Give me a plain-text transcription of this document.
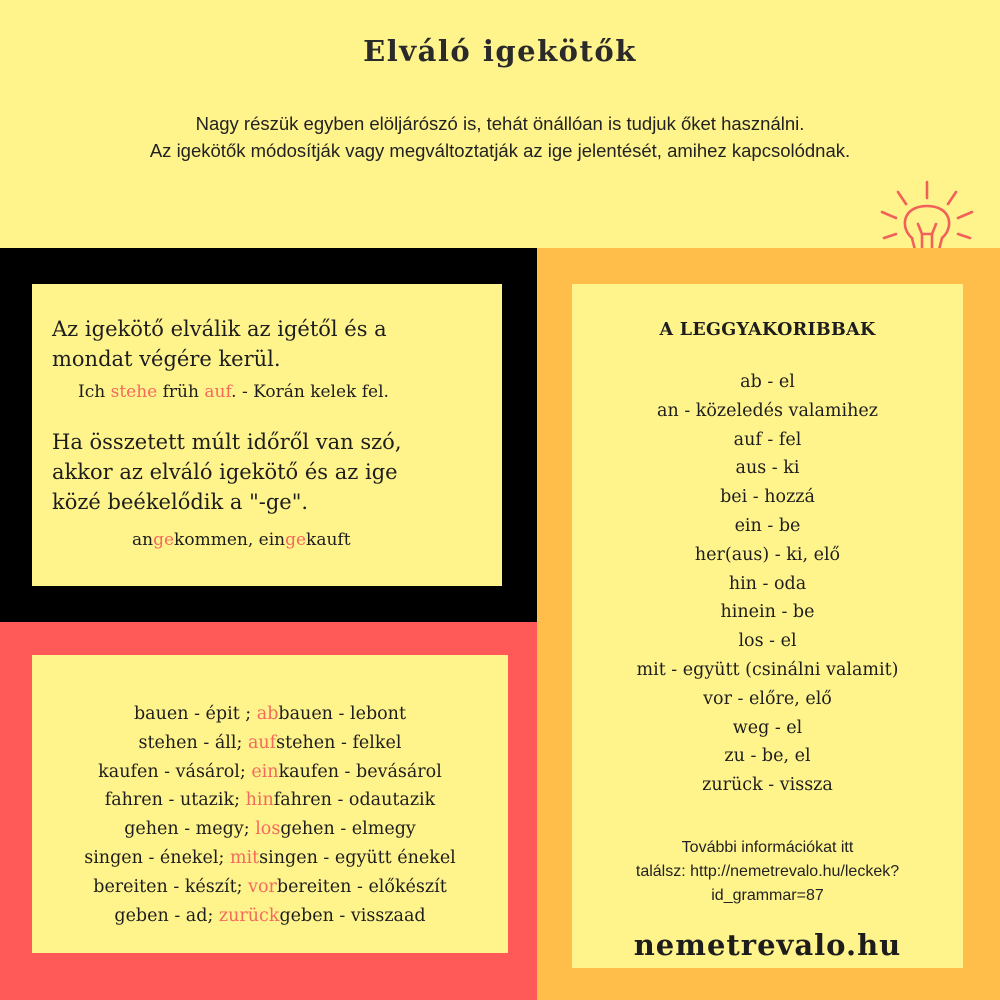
Elváló igekötők
Nagy részük egyben elöljárószó is, tehát önállóan is tudjuk őket használni.
Az igekötők módosítják vagy megváltoztatják az ige jelentését, amihez kapcsolódnak.
Az igekötő elválik az igétől és a
mondat végére kerül.
Ich stehe früh auf. - Korán kelek fel.
Ha összetett múlt időről van szó,
akkor az elváló igekötő és az ige
közé beékelődik a "-ge".
angekommen, eingekauft
bauen - épit ; abbauen - lebont
stehen - áll; aufstehen - felkel
kaufen - vásárol; einkaufen - bevásárol
fahren - utazik; hinfahren - odautazik
gehen - megy; losgehen - elmegy
singen - énekel; mitsingen - együtt énekel
bereiten - készít; vorbereiten - előkészít
geben - ad; zurückgeben - visszaad
A LEGGYAKORIBBAK
ab - el
an - közeledés valamihez
auf - fel
aus - ki
bei - hozzá
ein - be
her(aus) - ki, elő
hin - oda
hinein - be
los - el
mit - együtt (csinálni valamit)
vor - előre, elő
weg - el
zu - be, el
zurück - vissza
További információkat itt
találsz: http://nemetrevalo.hu/leckek?
id_grammar=87
nemetrevalo.hu
